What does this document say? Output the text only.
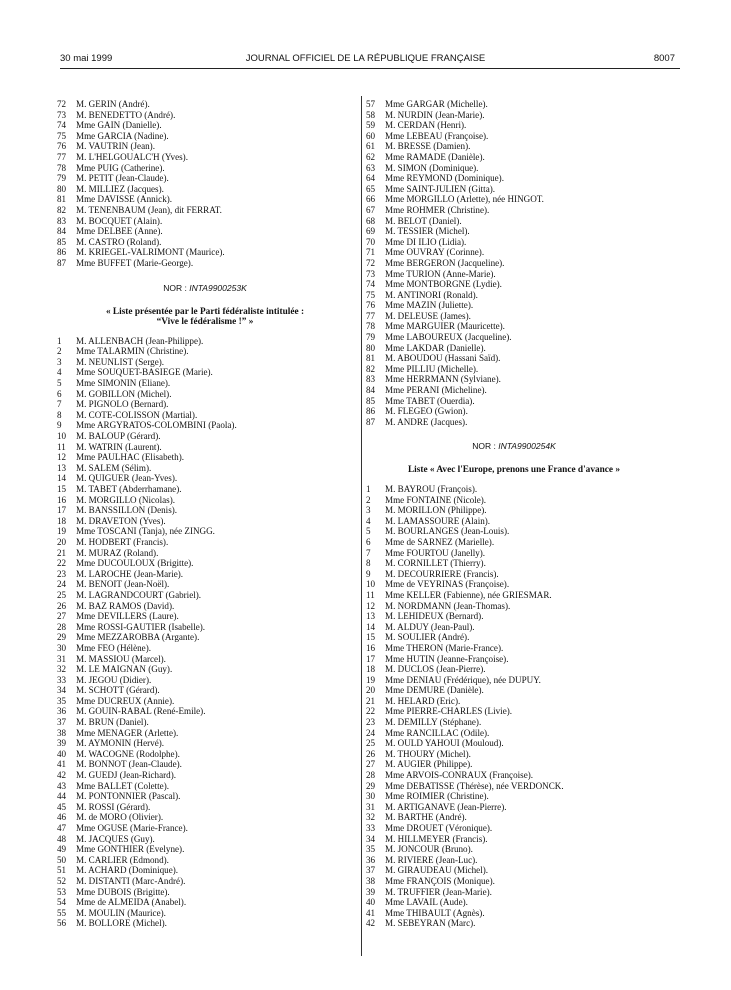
30 mai 1999	JOURNAL OFFICIEL DE LA RÉPUBLIQUE FRANÇAISE	8007
72 M. GERIN (André).
73 M. BENEDETTO (André).
74 Mme GAIN (Danielle).
75 Mme GARCIA (Nadine).
76 M. VAUTRIN (Jean).
77 M. L'HELGOUALC'H (Yves).
78 Mme PUIG (Catherine).
79 M. PETIT (Jean-Claude).
80 M. MILLIEZ (Jacques).
81 Mme DAVISSE (Annick).
82 M. TENENBAUM (Jean), dit FERRAT.
83 M. BOCQUET (Alain).
84 Mme DELBEE (Anne).
85 M. CASTRO (Roland).
86 M. KRIEGEL-VALRIMONT (Maurice).
87 Mme BUFFET (Marie-George).
NOR : INTA9900253K
« Liste présentée par le Parti fédéraliste intitulée :
“Vive le fédéralisme !” »
1 M. ALLENBACH (Jean-Philippe).
2 Mme TALARMIN (Christine).
3 M. NEUNLIST (Serge).
4 Mme SOUQUET-BASIEGE (Marie).
5 Mme SIMONIN (Eliane).
6 M. GOBILLON (Michel).
7 M. PIGNOLO (Bernard).
8 M. COTE-COLISSON (Martial).
9 Mme ARGYRATOS-COLOMBINI (Paola).
10 M. BALOUP (Gérard).
11 M. WATRIN (Laurent).
12 Mme PAULHAC (Elisabeth).
13 M. SALEM (Sélim).
14 M. QUIGUER (Jean-Yves).
15 M. TABET (Abderrhamane).
16 M. MORGILLO (Nicolas).
17 M. BANSSILLON (Denis).
18 M. DRAVETON (Yves).
19 Mme TOSCANI (Tanja), née ZINGG.
20 M. HODBERT (Francis).
21 M. MURAZ (Roland).
22 Mme DUCOULOUX (Brigitte).
23 M. LAROCHE (Jean-Marie).
24 M. BENOIT (Jean-Noël).
25 M. LAGRANDCOURT (Gabriel).
26 M. BAZ RAMOS (David).
27 Mme DEVILLERS (Laure).
28 Mme ROSSI-GAUTIER (Isabelle).
29 Mme MEZZAROBBA (Argante).
30 Mme FEO (Hélène).
31 M. MASSIOU (Marcel).
32 M. LE MAIGNAN (Guy).
33 M. JEGOU (Didier).
34 M. SCHOTT (Gérard).
35 Mme DUCREUX (Annie).
36 M. GOUIN-RABAL (René-Emile).
37 M. BRUN (Daniel).
38 Mme MENAGER (Arlette).
39 M. AYMONIN (Hervé).
40 M. WACOGNE (Rodolphe).
41 M. BONNOT (Jean-Claude).
42 M. GUEDJ (Jean-Richard).
43 Mme BALLET (Colette).
44 M. PONTONNIER (Pascal).
45 M. ROSSI (Gérard).
46 M. de MORO (Olivier).
47 Mme OGUSE (Marie-France).
48 M. JACQUES (Guy).
49 Mme GONTHIER (Evelyne).
50 M. CARLIER (Edmond).
51 M. ACHARD (Dominique).
52 M. DISTANTI (Marc-André).
53 Mme DUBOIS (Brigitte).
54 Mme de ALMEIDA (Anabel).
55 M. MOULIN (Maurice).
56 M. BOLLORE (Michel).
57 Mme GARGAR (Michelle).
58 M. NURDIN (Jean-Marie).
59 M. CERDAN (Henri).
60 Mme LEBEAU (Françoise).
61 M. BRESSE (Damien).
62 Mme RAMADE (Danièle).
63 M. SIMON (Dominique).
64 Mme REYMOND (Dominique).
65 Mme SAINT-JULIEN (Gitta).
66 Mme MORGILLO (Arlette), née HINGOT.
67 Mme ROHMER (Christine).
68 M. BELOT (Daniel).
69 M. TESSIER (Michel).
70 Mme DI ILIO (Lidia).
71 Mme OUVRAY (Corinne).
72 Mme BERGERON (Jacqueline).
73 Mme TURION (Anne-Marie).
74 Mme MONTBORGNE (Lydie).
75 M. ANTINORI (Ronald).
76 Mme MAZIN (Juliette).
77 M. DELEUSE (James).
78 Mme MARGUIER (Mauricette).
79 Mme LABOUREUX (Jacqueline).
80 Mme LAKDAR (Danielle).
81 M. ABOUDOU (Hassani Saïd).
82 Mme PILLIU (Michelle).
83 Mme HERRMANN (Sylviane).
84 Mme PERANI (Micheline).
85 Mme TABET (Ouerdia).
86 M. FLEGEO (Gwion).
87 M. ANDRE (Jacques).
NOR : INTA9900254K
Liste « Avec l'Europe, prenons une France d'avance »
1 M. BAYROU (François).
2 Mme FONTAINE (Nicole).
3 M. MORILLON (Philippe).
4 M. LAMASSOURE (Alain).
5 M. BOURLANGES (Jean-Louis).
6 Mme de SARNEZ (Marielle).
7 Mme FOURTOU (Janelly).
8 M. CORNILLET (Thierry).
9 M. DECOURRIERE (Francis).
10 Mme de VEYRINAS (Françoise).
11 Mme KELLER (Fabienne), née GRIESMAR.
12 M. NORDMANN (Jean-Thomas).
13 M. LEHIDEUX (Bernard).
14 M. ALDUY (Jean-Paul).
15 M. SOULIER (André).
16 Mme THERON (Marie-France).
17 Mme HUTIN (Jeanne-Françoise).
18 M. DUCLOS (Jean-Pierre).
19 Mme DENIAU (Frédérique), née DUPUY.
20 Mme DEMURE (Danièle).
21 M. HELARD (Eric).
22 Mme PIERRE-CHARLES (Livie).
23 M. DEMILLY (Stéphane).
24 Mme RANCILLAC (Odile).
25 M. OULD YAHOUI (Mouloud).
26 M. THOURY (Michel).
27 M. AUGIER (Philippe).
28 Mme ARVOIS-CONRAUX (Françoise).
29 Mme DEBATISSE (Thérèse), née VERDONCK.
30 Mme ROIMIER (Christine).
31 M. ARTIGANAVE (Jean-Pierre).
32 M. BARTHE (André).
33 Mme DROUET (Véronique).
34 M. HILLMEYER (Francis).
35 M. JONCOUR (Bruno).
36 M. RIVIERE (Jean-Luc).
37 M. GIRAUDEAU (Michel).
38 Mme FRANÇOIS (Monique).
39 M. TRUFFIER (Jean-Marie).
40 Mme LAVAIL (Aude).
41 Mme THIBAULT (Agnès).
42 M. SEBEYRAN (Marc).
